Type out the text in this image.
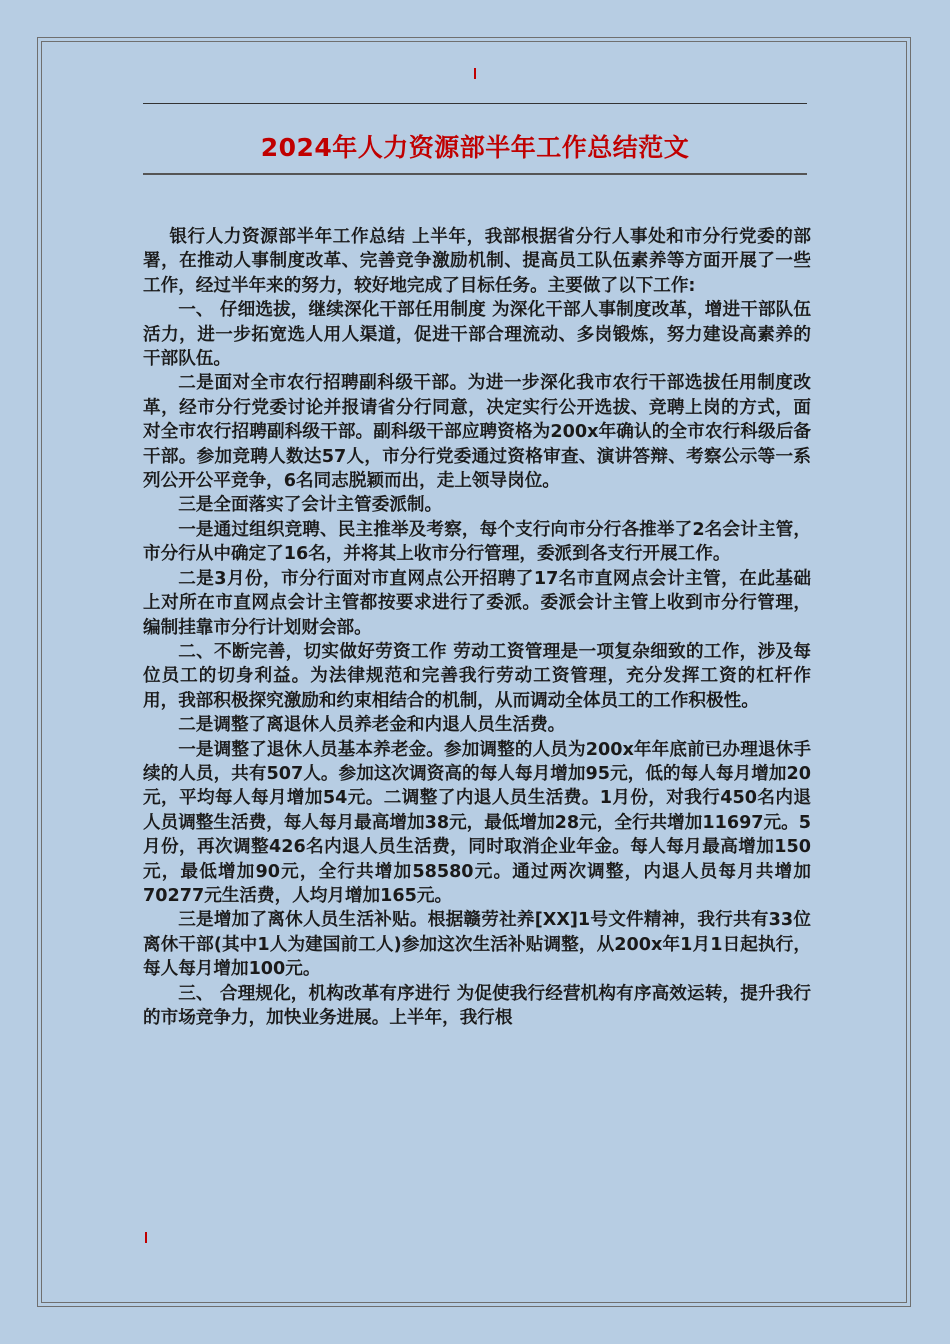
2024年人力资源部半年工作总结范文

银行人力资源部半年工作总结 上半年，我部根据省分行人事处和市分行党委的部署，在推动人事制度改革、完善竞争激励机制、提高员工队伍素养等方面开展了一些工作，经过半年来的努力，较好地完成了目标任务。主要做了以下工作:

一、 仔细选拔，继续深化干部任用制度 为深化干部人事制度改革，增进干部队伍活力，进一步拓宽选人用人渠道，促进干部合理流动、多岗锻炼，努力建设高素养的干部队伍。

二是面对全市农行招聘副科级干部。为进一步深化我市农行干部选拔任用制度改革，经市分行党委讨论并报请省分行同意，决定实行公开选拔、竞聘上岗的方式，面对全市农行招聘副科级干部。副科级干部应聘资格为200x年确认的全市农行科级后备干部。参加竞聘人数达57人，市分行党委通过资格审查、演讲答辩、考察公示等一系列公开公平竞争，6名同志脱颖而出，走上领导岗位。

三是全面落实了会计主管委派制。

一是通过组织竞聘、民主推举及考察，每个支行向市分行各推举了2名会计主管，市分行从中确定了16名，并将其上收市分行管理，委派到各支行开展工作。

二是3月份，市分行面对市直网点公开招聘了17名市直网点会计主管，在此基础上对所在市直网点会计主管都按要求进行了委派。委派会计主管上收到市分行管理，编制挂靠市分行计划财会部。

二、不断完善，切实做好劳资工作 劳动工资管理是一项复杂细致的工作，涉及每位员工的切身利益。为法律规范和完善我行劳动工资管理，充分发挥工资的杠杆作用，我部积极探究激励和约束相结合的机制，从而调动全体员工的工作积极性。

二是调整了离退休人员养老金和内退人员生活费。

一是调整了退休人员基本养老金。参加调整的人员为200x年年底前已办理退休手续的人员，共有507人。参加这次调资高的每人每月增加95元，低的每人每月增加20元，平均每人每月增加54元。二调整了内退人员生活费。1月份，对我行450名内退人员调整生活费，每人每月最高增加38元，最低增加28元，全行共增加11697元。5月份，再次调整426名内退人员生活费，同时取消企业年金。每人每月最高增加150元，最低增加90元，全行共增加58580元。通过两次调整，内退人员每月共增加70277元生活费，人均月增加165元。

三是增加了离休人员生活补贴。根据赣劳社养[XX]1号文件精神，我行共有33位离休干部(其中1人为建国前工人)参加这次生活补贴调整，从200x年1月1日起执行，每人每月增加100元。

三、 合理规化，机构改革有序进行 为促使我行经营机构有序高效运转，提升我行的市场竞争力，加快业务进展。上半年，我行根
